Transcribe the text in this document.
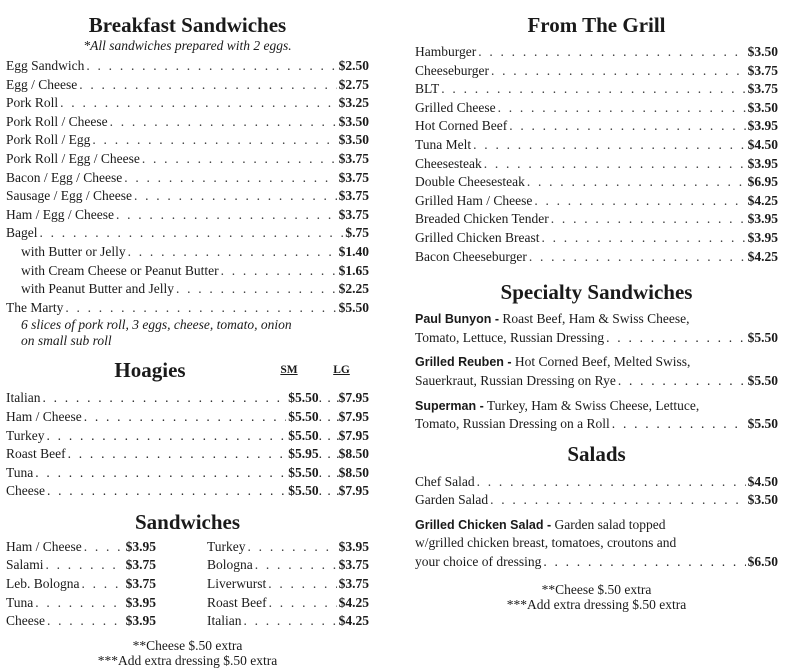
Breakfast Sandwiches

*All sandwiches prepared with 2 eggs.

Egg Sandwich . . .	$2.50
Egg / Cheese . . .	$2.75
Pork Roll . . .	$3.25
Pork Roll / Cheese . . .	$3.50
Pork Roll / Egg . . .	$3.50
Pork Roll / Egg / Cheese . . .	$3.75
Bacon / Egg / Cheese . . .	$3.75
Sausage / Egg / Cheese . . .	$3.75
Ham / Egg / Cheese . . .	$3.75
Bagel . . .	$.75
with Butter or Jelly . . .	$1.40
with Cream Cheese or Peanut Butter . . .	$1.65
with Peanut Butter and Jelly . . .	$2.25
The Marty . . .	$5.50
6 slices of pork roll, 3 eggs, cheese, tomato, onion
on small sub roll
Hoagies	SM	LG
Italian . . .	$5.50 . . . $7.95
Ham / Cheese . . .	$5.50 . . . $7.95
Turkey . . .	$5.50 . . . $7.95
Roast Beef . . .	$5.95 . . . $8.50
Tuna . . .	$5.50 . . . $8.50
Cheese . . .	$5.50 . . . $7.95
Sandwiches
Ham / Cheese . . .	$3.95
Salami . . .	$3.75
Leb. Bologna . . .	$3.75
Tuna . . .	$3.95
Cheese . . .	$3.95
Turkey . . .	$3.95
Bologna . . .	$3.75
Liverwurst . . .	$3.75
Roast Beef . . .	$4.25
Italian . . .	$4.25
**Cheese $.50 extra
***Add extra dressing $.50 extra
From The Grill
Hamburger . . .	$3.50
Cheeseburger . . .	$3.75
BLT . . .	$3.75
Grilled Cheese . . .	$3.50
Hot Corned Beef . . .	$3.95
Tuna Melt . . .	$4.50
Cheesesteak . . .	$3.95
Double Cheesesteak . . .	$6.95
Grilled Ham / Cheese . . .	$4.25
Breaded Chicken Tender . . .	$3.95
Grilled Chicken Breast . . .	$3.95
Bacon Cheeseburger . . .	$4.25
Specialty Sandwiches
Paul Bunyon - Roast Beef, Ham & Swiss Cheese,
Tomato, Lettuce, Russian Dressing . . .	$5.50
Grilled Reuben - Hot Corned Beef, Melted Swiss,
Sauerkraut, Russian Dressing on Rye . . .	$5.50
Superman - Turkey, Ham & Swiss Cheese, Lettuce,
Tomato, Russian Dressing on a Roll . . .	$5.50
Salads
Chef Salad . . .	$4.50
Garden Salad . . .	$3.50
Grilled Chicken Salad - Garden salad topped
w/grilled chicken breast, tomatoes, croutons and
your choice of dressing . . .	$6.50
**Cheese $.50 extra
***Add extra dressing $.50 extra
